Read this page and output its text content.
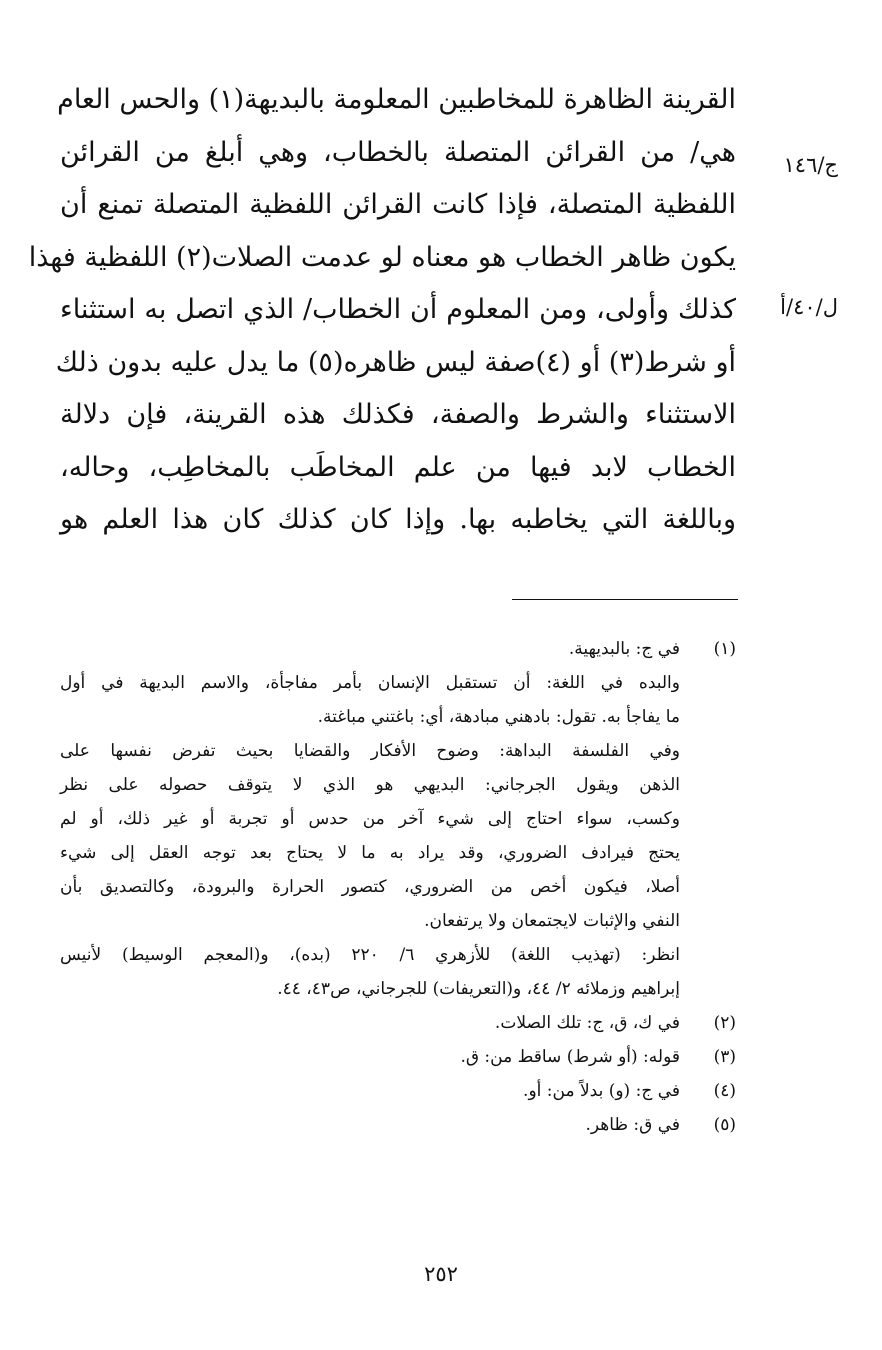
القرينة الظاهرة للمخاطبين المعلومة بالبديهة(١) والحس العام
هي/ من القرائن المتصلة بالخطاب، وهي أبلغ من القرائن
اللفظية المتصلة، فإذا كانت القرائن اللفظية المتصلة تمنع أن
يكون ظاهر الخطاب هو معناه لو عدمت الصلات(٢) اللفظية فهذا
كذلك وأولى، ومن المعلوم أن الخطاب/ الذي اتصل به استثناء
أو شرط(٣) أو (٤)صفة ليس ظاهره(٥) ما يدل عليه بدون ذلك
الاستثناء والشرط والصفة، فكذلك هذه القرينة، فإن دلالة
الخطاب لابد فيها من علم المخاطَب بالمخاطِب، وحاله،
وباللغة التي يخاطبه بها. وإذا كان كذلك كان هذا العلم هو
ج/١٤٦
ل/٤٠/أ
(١)في ج: بالبديهية.
والبده في اللغة: أن تستقبل الإنسان بأمر مفاجأة، والاسم البديهة في أول
ما يفاجأ به. تقول: بادهني مبادهة، أي: باغتني مباغتة.
وفي الفلسفة البداهة: وضوح الأفكار والقضايا بحيث تفرض نفسها على
الذهن ويقول الجرجاني: البديهي هو الذي لا يتوقف حصوله على نظر
وكسب، سواء احتاج إلى شيء آخر من حدس أو تجربة أو غير ذلك، أو لم
يحتج فيرادف الضروري، وقد يراد به ما لا يحتاج بعد توجه العقل إلى شيء
أصلا، فيكون أخص من الضروري، كتصور الحرارة والبرودة، وكالتصديق بأن
النفي والإثبات لايجتمعان ولا يرتفعان.
انظر: (تهذيب اللغة) للأزهري ٦/ ٢٢٠ (بده)، و(المعجم الوسيط) لأنيس
إبراهيم وزملائه ٢/ ٤٤، و(التعريفات) للجرجاني، ص٤٣، ٤٤.
(٢)في ك، ق، ج: تلك الصلات.
(٣)قوله: (أو شرط) ساقط من: ق.
(٤)في ج: (و) بدلاً من: أو.
(٥)في ق: ظاهر.
٢٥٢
